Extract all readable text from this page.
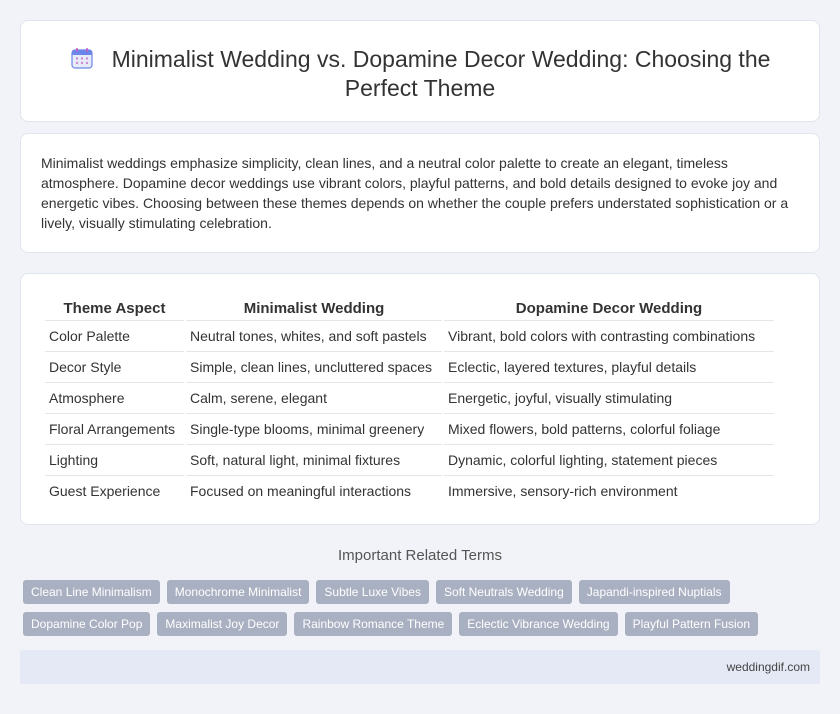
Minimalist Wedding vs. Dopamine Decor Wedding: Choosing the Perfect Theme

Minimalist weddings emphasize simplicity, clean lines, and a neutral color palette to create an elegant, timeless atmosphere. Dopamine decor weddings use vibrant colors, playful patterns, and bold details designed to evoke joy and energetic vibes. Choosing between these themes depends on whether the couple prefers understated sophistication or a lively, visually stimulating celebration.

Theme Aspect	Minimalist Wedding	Dopamine Decor Wedding
Color Palette	Neutral tones, whites, and soft pastels	Vibrant, bold colors with contrasting combinations
Decor Style	Simple, clean lines, uncluttered spaces	Eclectic, layered textures, playful details
Atmosphere	Calm, serene, elegant	Energetic, joyful, visually stimulating
Floral Arrangements	Single-type blooms, minimal greenery	Mixed flowers, bold patterns, colorful foliage
Lighting	Soft, natural light, minimal fixtures	Dynamic, colorful lighting, statement pieces
Guest Experience	Focused on meaningful interactions	Immersive, sensory-rich environment
Important Related Terms
Clean Line Minimalism	Monochrome Minimalist	Subtle Luxe Vibes	Soft Neutrals Wedding	Japandi-inspired Nuptials
Dopamine Color Pop	Maximalist Joy Decor	Rainbow Romance Theme	Eclectic Vibrance Wedding	Playful Pattern Fusion
weddingdif.com
